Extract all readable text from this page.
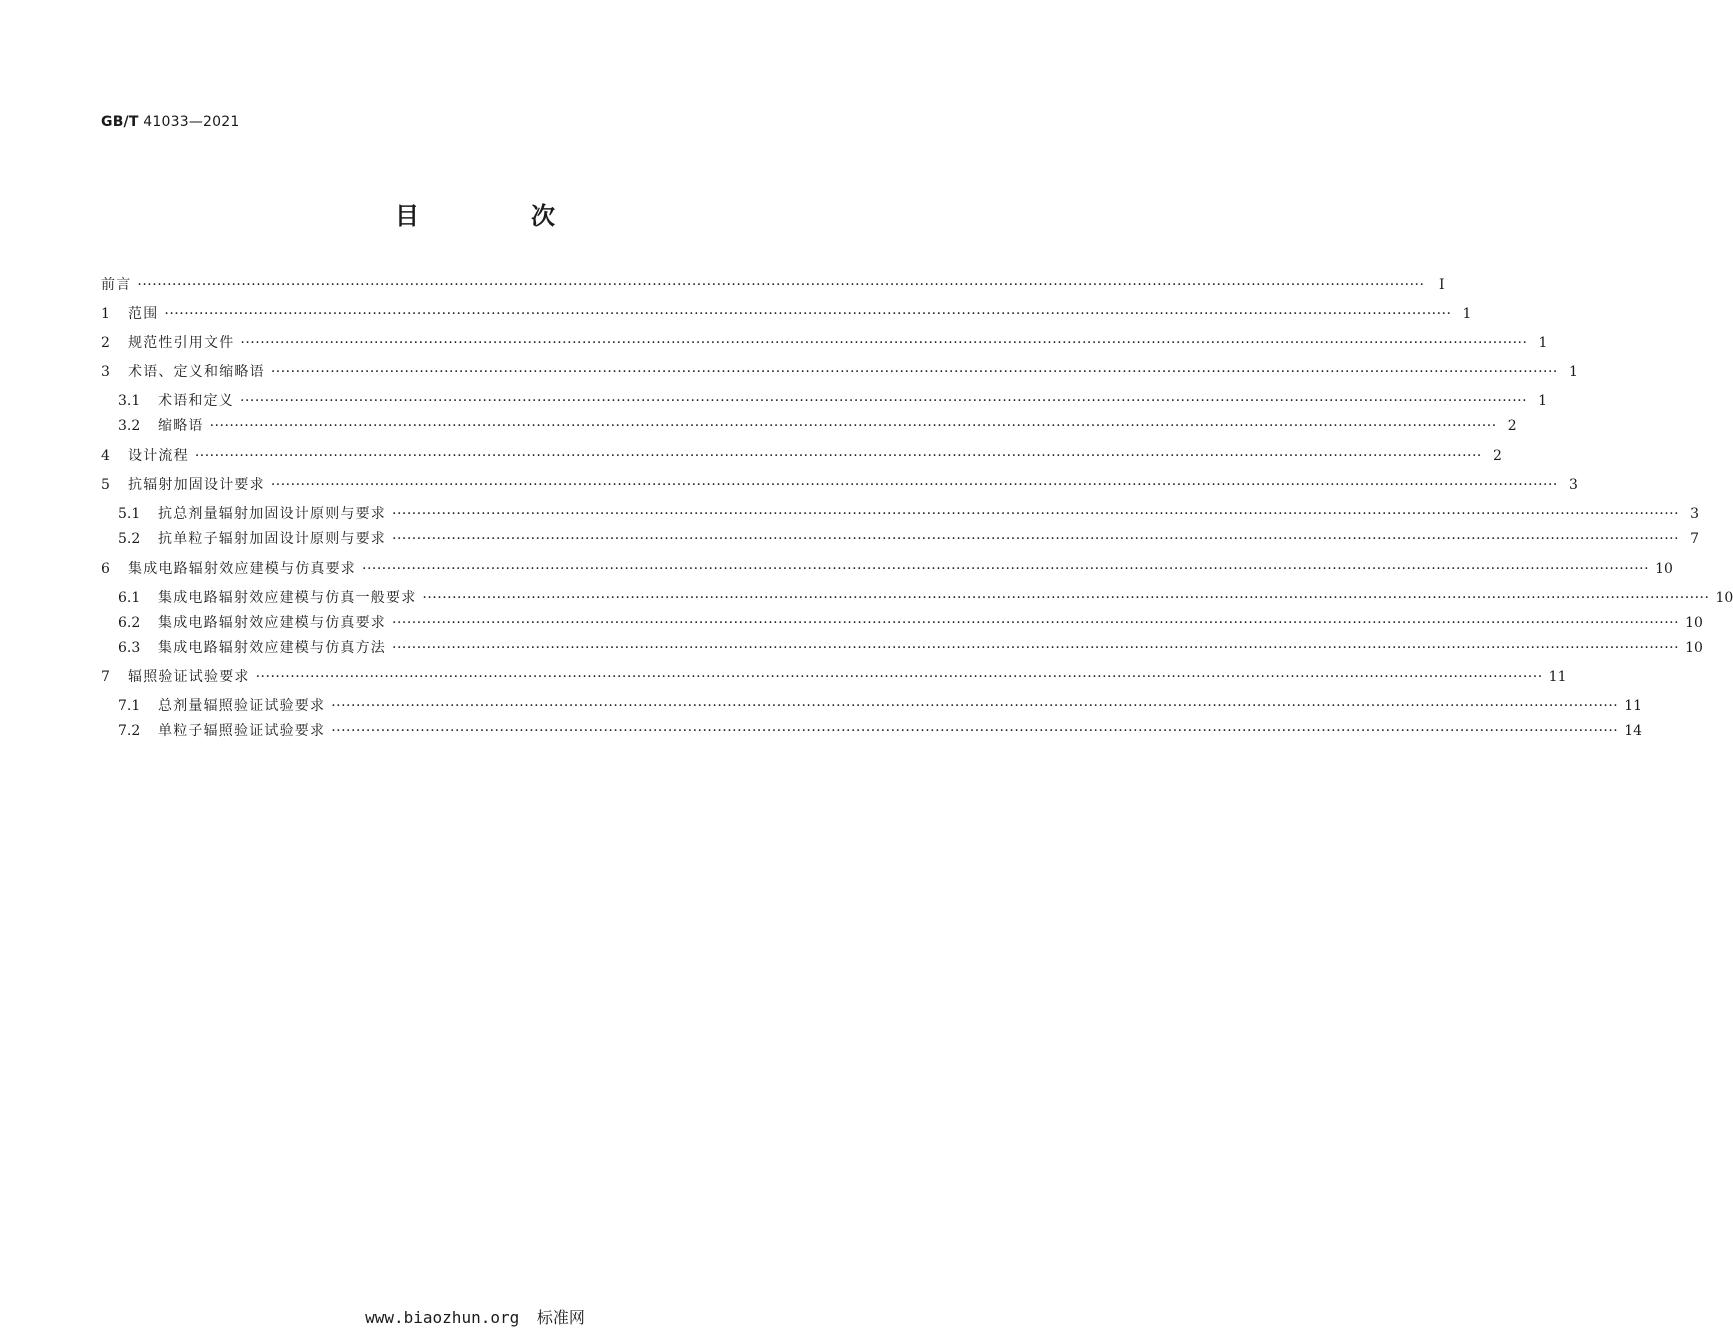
GB/T 41033—2021
目　次
前言 ····································································································································································································································································	Ⅰ
1	范围 ···································································································································································································································································· 1
2	规范性引用文件 ···································································································································································································································································· 1
3	术语、定义和缩略语 ···································································································································································································································································· 1
3.1	术语和定义 ···································································································································································································································································· 1
3.2	缩略语 ···································································································································································································································································· 2
4	设计流程 ···································································································································································································································································· 2
5	抗辐射加固设计要求 ···································································································································································································································································· 3
5.1	抗总剂量辐射加固设计原则与要求 ···································································································································································································································································· 3
5.2	抗单粒子辐射加固设计原则与要求 ···································································································································································································································································· 7
6	集成电路辐射效应建模与仿真要求 ···································································································································································································································································· 10
6.1	集成电路辐射效应建模与仿真一般要求 ···································································································································································································································································· 10
6.2	集成电路辐射效应建模与仿真要求 ···································································································································································································································································· 10
6.3	集成电路辐射效应建模与仿真方法 ···································································································································································································································································· 10
7	辐照验证试验要求 ···································································································································································································································································· 11
7.1	总剂量辐照验证试验要求 ···································································································································································································································································· 11
7.2	单粒子辐照验证试验要求 ···································································································································································································································································· 14
www.biaozhun.org 标准网
